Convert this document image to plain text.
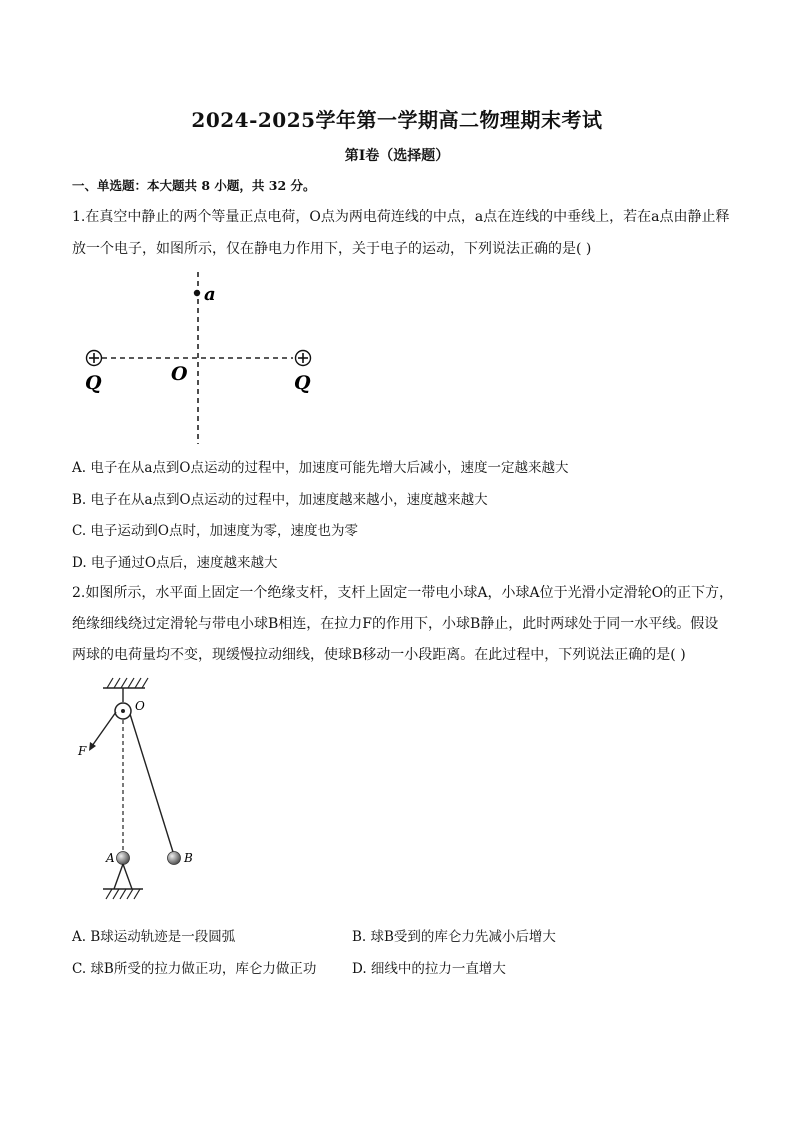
2024-2025学年第一学期高二物理期末考试
第I卷（选择题）
一、单选题：本大题共 8 小题，共 32 分。
1.在真空中静止的两个等量正点电荷，O点为两电荷连线的中点，a点在连线的中垂线上，若在a点由静止释
放一个电子，如图所示，仅在静电力作用下，关于电子的运动，下列说法正确的是( )
a
O
Q	Q
A. 电子在从a点到O点运动的过程中，加速度可能先增大后减小，速度一定越来越大
B. 电子在从a点到O点运动的过程中，加速度越来越小，速度越来越大
C. 电子运动到O点时，加速度为零，速度也为零
D. 电子通过O点后，速度越来越大
2.如图所示，水平面上固定一个绝缘支杆，支杆上固定一带电小球A，小球A位于光滑小定滑轮O的正下方，
绝缘细线绕过定滑轮与带电小球B相连，在拉力F的作用下，小球B静止，此时两球处于同一水平线。假设
两球的电荷量均不变，现缓慢拉动细线，使球B移动一小段距离。在此过程中，下列说法正确的是( )
O
F
A	B
A. B球运动轨迹是一段圆弧	B. 球B受到的库仑力先减小后增大
C. 球B所受的拉力做正功，库仑力做正功	D. 细线中的拉力一直增大
